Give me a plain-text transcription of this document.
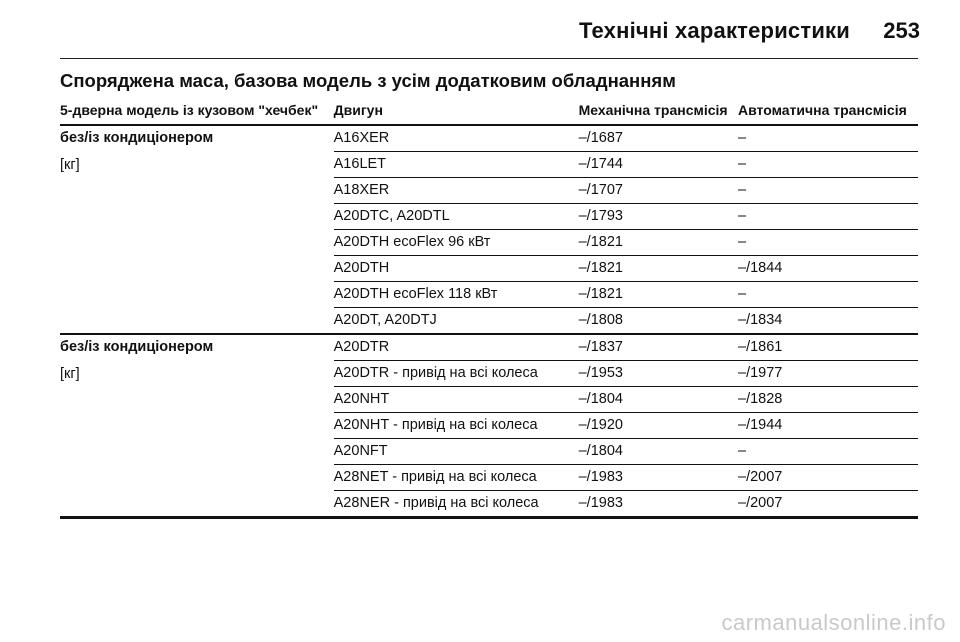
Технічні характеристики 253
Споряджена маса, базова модель з усім додатковим обладнанням
5-дверна модель із кузовом "хечбек"	Двигун	Механічна трансмісія	Автоматична трансмісія

без/із кондиціонером
[кг]	A16XER	–/1687	–
	A16LET	–/1744	–
	A18XER	–/1707	–
	A20DTC, A20DTL	–/1793	–
	A20DTH ecoFlex 96 кВт	–/1821	–
	A20DTH	–/1821	–/1844
	A20DTH ecoFlex 118 кВт	–/1821	–
	A20DT, A20DTJ	–/1808	–/1834

без/із кондиціонером
[кг]	A20DTR	–/1837	–/1861
	A20DTR - привід на всі колеса	–/1953	–/1977
	A20NHT	–/1804	–/1828
	A20NHT - привід на всі колеса	–/1920	–/1944
	A20NFT	–/1804	–
	A28NET - привід на всі колеса	–/1983	–/2007
	A28NER - привід на всі колеса	–/1983	–/2007
carmanualsonline.info
